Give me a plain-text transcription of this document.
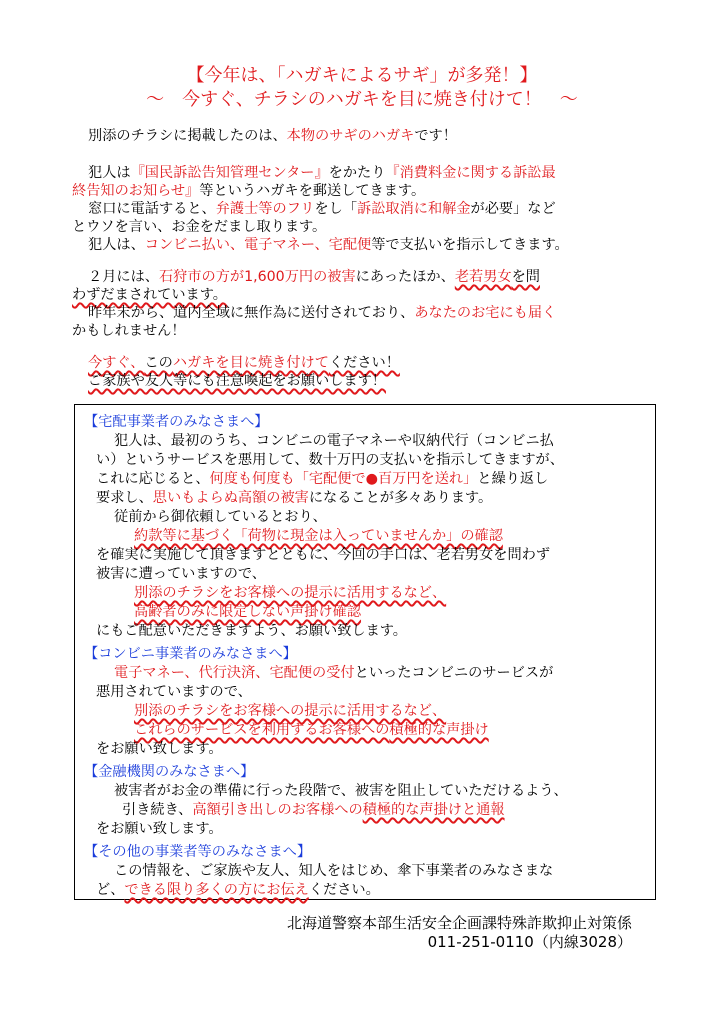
【今年は、「ハガキによるサギ」が多発！】
～　今すぐ、チラシのハガキを目に焼き付けて！　～
別添のチラシに掲載したのは、本物のサギのハガキです！
犯人は『国民訴訟告知管理センター』をかたり『消費料金に関する訴訟最
終告知のお知らせ』等というハガキを郵送してきます。
窓口に電話すると、弁護士等のフリをし「訴訟取消に和解金が必要」など
とウソを言い、お金をだまし取ります。
犯人は、コンビニ払い、電子マネー、宅配便等で支払いを指示してきます。
２月には、石狩市の方が1,600万円の被害にあったほか、老若男女を問
わずだまされています。
昨年末から、道内全域に無作為に送付されており、あなたのお宅にも届く
かもしれません！
今すぐ、このハガキを目に焼き付けてください！
ご家族や友人等にも注意喚起をお願いします！
【宅配事業者のみなさまへ】
犯人は、最初のうち、コンビニの電子マネーや収納代行（コンビニ払
い）というサービスを悪用して、数十万円の支払いを指示してきますが、
これに応じると、何度も何度も「宅配便で●百万円を送れ」と繰り返し
要求し、思いもよらぬ高額の被害になることが多々あります。
従前から御依頼しているとおり、
約款等に基づく「荷物に現金は入っていませんか」の確認
を確実に実施して頂きますとともに、今回の手口は、老若男女を問わず
被害に遭っていますので、
別添のチラシをお客様への提示に活用するなど、
高齢者のみに限定しない声掛け確認
にもご配意いただきますよう、お願い致します。
【コンビニ事業者のみなさまへ】
電子マネー、代行決済、宅配便の受付といったコンビニのサービスが
悪用されていますので、
別添のチラシをお客様への提示に活用するなど、
これらのサービスを利用するお客様への積極的な声掛け
をお願い致します。
【金融機関のみなさまへ】
被害者がお金の準備に行った段階で、被害を阻止していただけるよう、
引き続き、高額引き出しのお客様への積極的な声掛けと通報
をお願い致します。
【その他の事業者等のみなさまへ】
この情報を、ご家族や友人、知人をはじめ、傘下事業者のみなさまな
ど、できる限り多くの方にお伝えください。
北海道警察本部生活安全企画課特殊詐欺抑止対策係
011-251-0110（内線3028）
